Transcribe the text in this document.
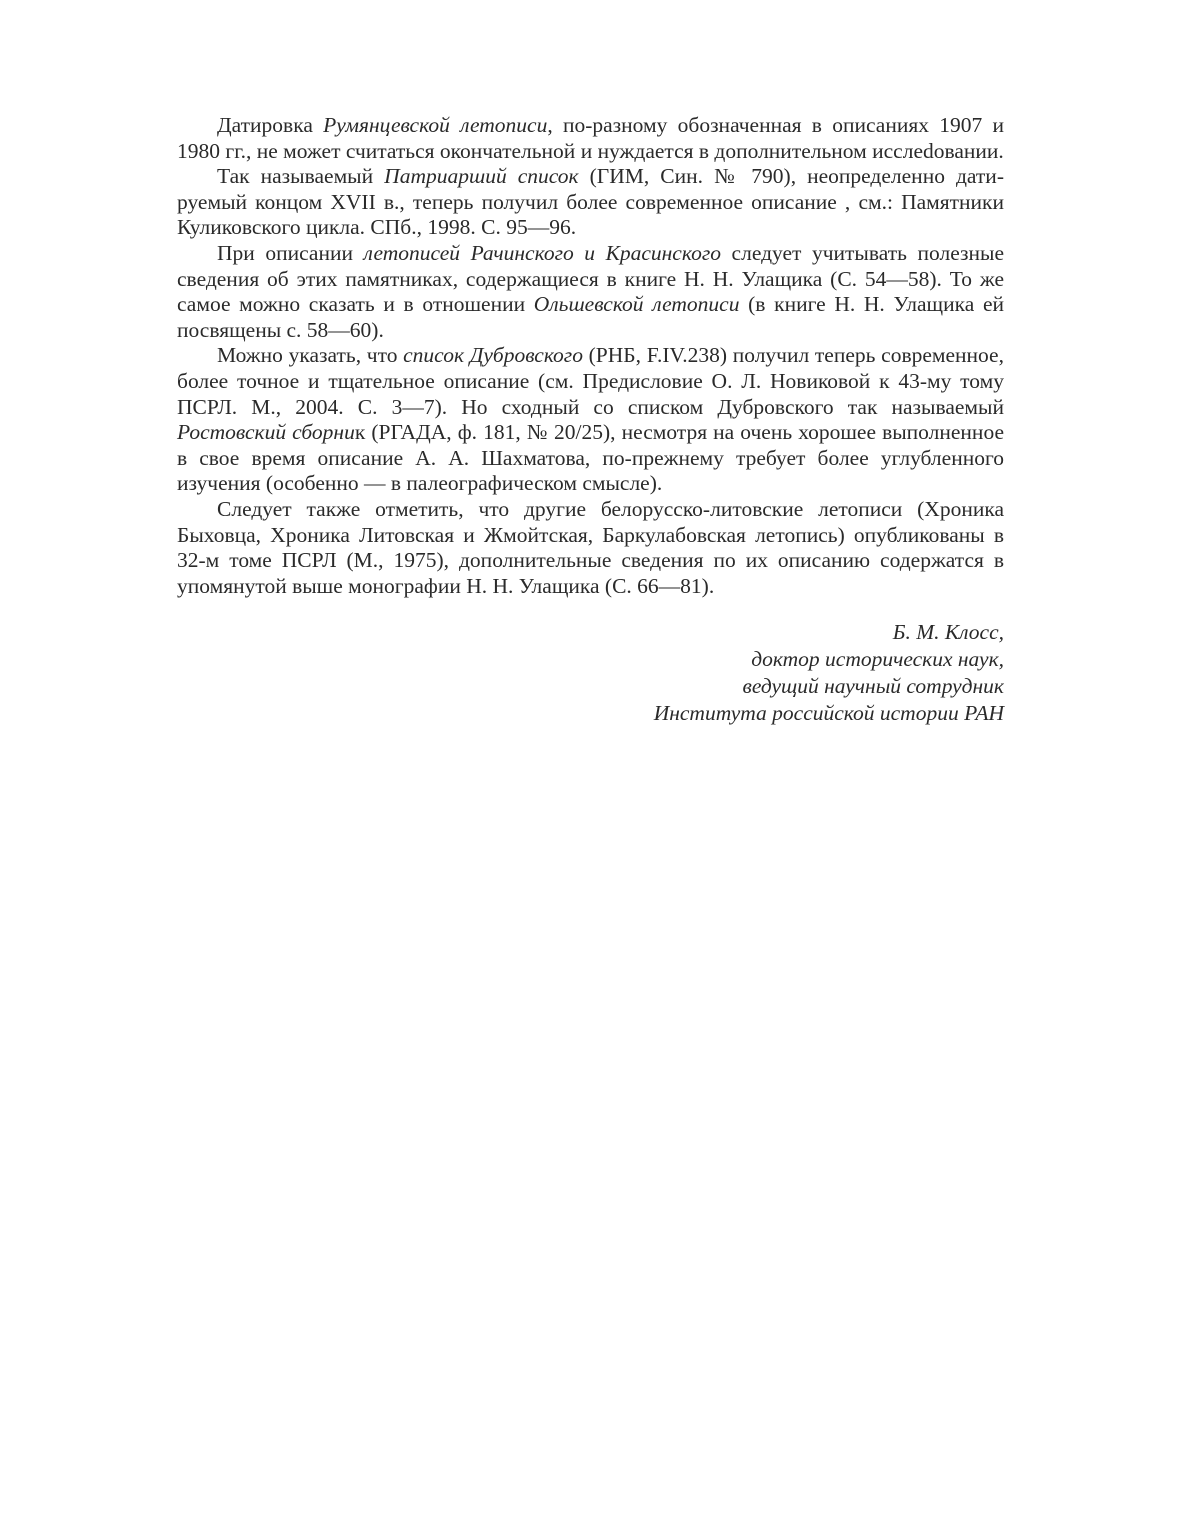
Датировка Румянцевской летописи, по-разному обозначенная в описаниях 1907 и 1980 гг., не может считаться окончательной и нуждается в дополнительном исслеdовании.

Так называемый Патриарший список (ГИМ, Син. № 790), неопределенно датируемый концом XVII в., теперь получил более современное описание , см.: Памятники Куликовского цикла. СПб., 1998. С. 95—96.

При описании летописей Рачинского и Красинского следует учитывать полезные сведения об этих памятниках, содержащиеся в книге Н. Н. Улащика (С. 54—58). То же самое можно сказать и в отношении Ольшевской летописи (в книге Н. Н. Улащика ей посвящены с. 58—60).

Можно указать, что список Дубровского (РНБ, F.IV.238) получил теперь современное, более точное и тщательное описание (см. Предисловие О. Л. Новиковой к 43-му тому ПСРЛ. М., 2004. С. 3—7). Но сходный со списком Дубровского так называемый Ростовский сборник (РГАДА, ф. 181, № 20/25), несмотря на очень хорошее выполненное в свое время описание А. А. Шахматова, по-прежнему требует более углубленного изучения (особенно — в палеографическом смысле).

Следует также отметить, что другие белорусско-литовские летописи (Хроника Быховца, Хроника Литовская и Жмойтская, Баркулабовская летопись) опубликованы в 32-м томе ПСРЛ (М., 1975), дополнительные сведения по их описанию содержатся в упомянутой выше монографии Н. Н. Улащика (С. 66—81).

Б. М. Клосс,
доктор исторических наук,
ведущий научный сотрудник
Института российской истории РАН
